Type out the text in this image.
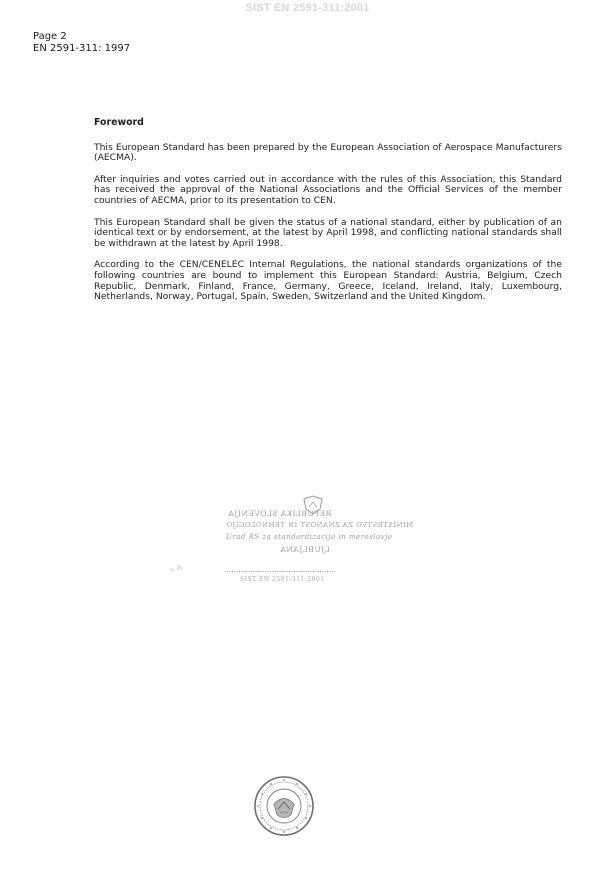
SIST EN 2591-311:2001
Page 2
EN 2591-311: 1997
Foreword

This European Standard has been prepared by the European Association of Aerospace Manufacturers (AECMA).

After inquiries and votes carried out in accordance with the rules of this Association, this Standard has received the approval of the National Associations and the Official Services of the member countries of AECMA, prior to its presentation to CEN.

This European Standard shall be given the status of a national standard, either by publication of an identical text or by endorsement, at the latest by April 1998, and conflicting national standards shall be withdrawn at the latest by April 1998.

According to the CEN/CENELEC Internal Regulations, the national standards organizations of the following countries are bound to implement this European Standard: Austria, Belgium, Czech Republic, Denmark, Finland, France, Germany, Greece, Iceland, Ireland, Italy, Luxembourg, Netherlands, Norway, Portugal, Spain, Sweden, Switzerland and the United Kingdom.

REPUBLIKA SLOVENIJA
MINISTRSTVO ZA ZNANOST IN TEHNOLOGIJO
Urad RS za standardizacijo in meroslovje
LJUBLJANA
...............................................
SIST EN 2591-311:2001
✎ ⁂
